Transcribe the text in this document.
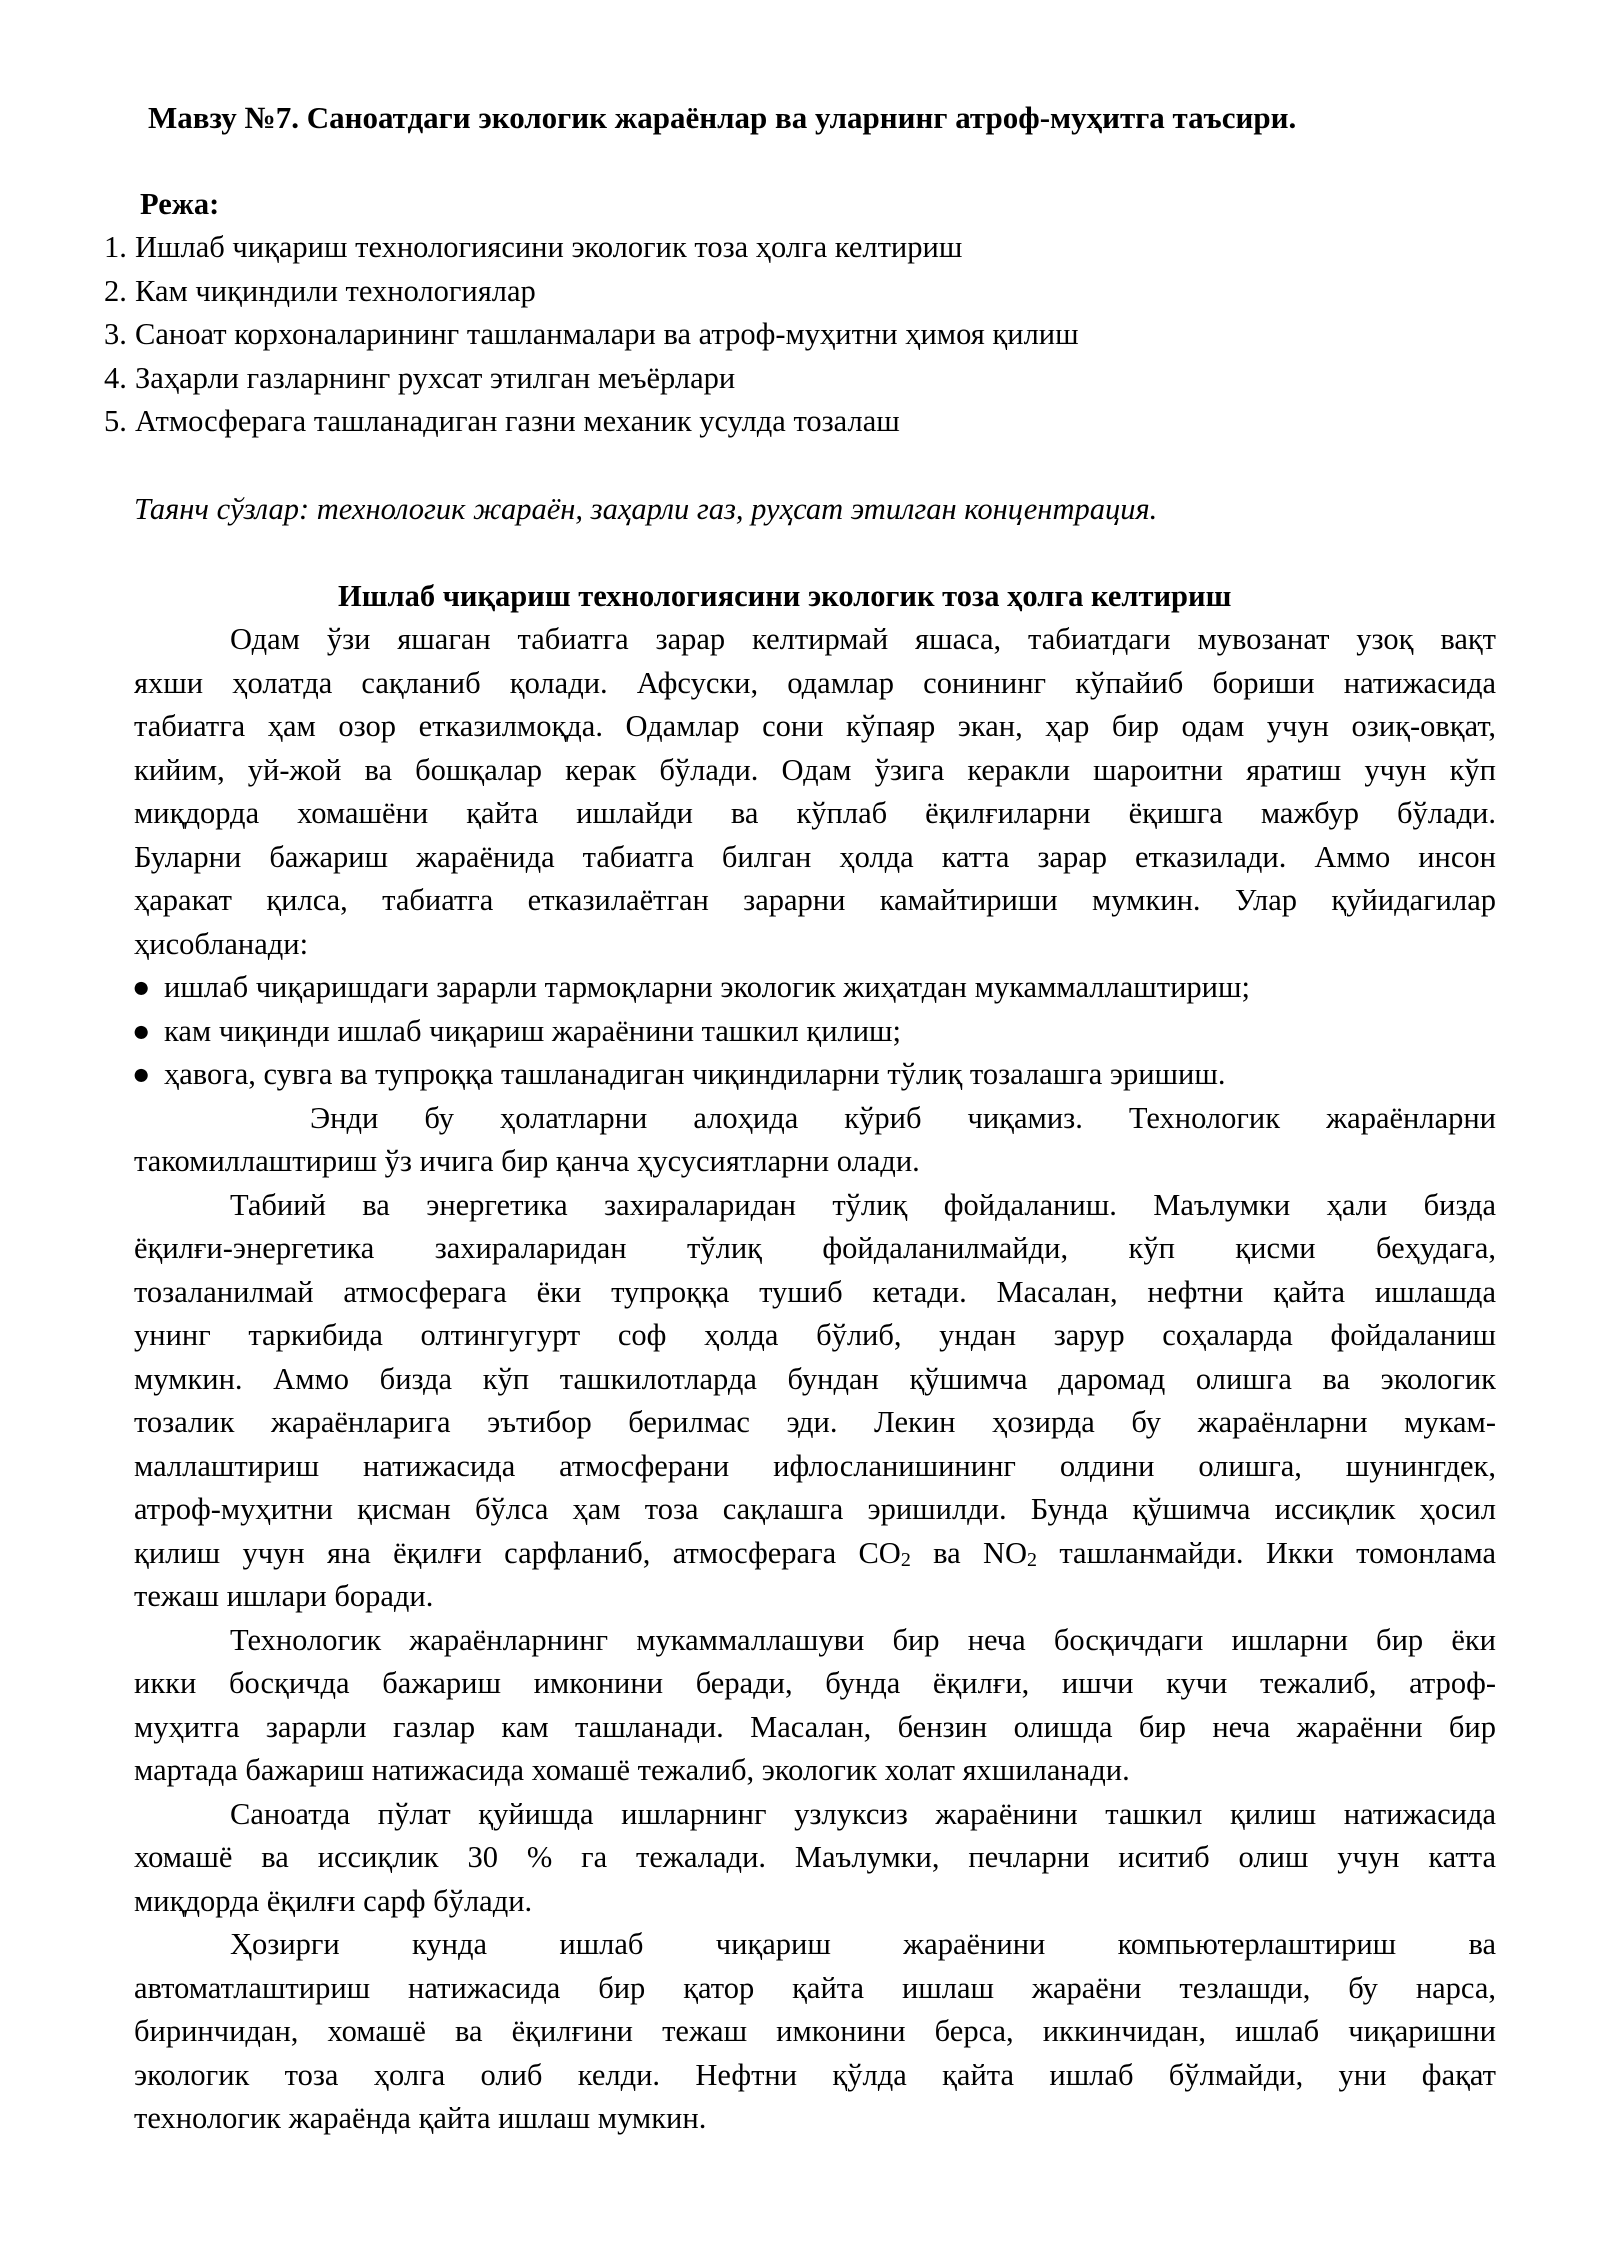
Мавзу №7. Саноатдаги экологик жараёнлар ва уларнинг атроф-муҳитга таъсири.
Режа:
1. Ишлаб чиқариш технологиясини экологик тоза ҳолга келтириш
2. Кам чиқиндили технологиялар
3. Саноат корхоналарининг ташланмалари ва атроф-муҳитни ҳимоя қилиш
4. Заҳарли газларнинг рухсат этилган меъёрлари
5. Атмосферага ташланадиган газни механик усулда тозалаш
Таянч сўзлар: технологик жараён, заҳарли газ, руҳсат этилган концентрация.
Ишлаб чиқариш технологиясини экологик тоза ҳолга келтириш
Одам ўзи яшаган табиатга зарар келтирмай яшаса, табиатдаги мувозанат узоқ вақт
яхши ҳолатда сақланиб қолади. Афсуски, одамлар сонининг кўпайиб бориши натижасида
табиатга ҳам озор етказилмоқда. Одамлар сони кўпаяр экан, ҳар бир одам учун озиқ-овқат,
кийим, уй-жой ва бошқалар керак бўлади. Одам ўзига керакли шароитни яратиш учун кўп
миқдорда хомашёни қайта ишлайди ва кўплаб ёқилғиларни ёқишга мажбур бўлади.
Буларни бажариш жараёнида табиатга билган ҳолда катта зарар етказилади. Аммо инсон
ҳаракат қилса, табиатга етказилаётган зарарни камайтириши мумкин. Улар қуйидагилар
ҳисобланади:
● ишлаб чиқаришдаги зарарли тармоқларни экологик жиҳатдан мукаммаллаштириш;
● кам чиқинди ишлаб чиқариш жараёнини ташкил қилиш;
● ҳавога, сувга ва тупроққа ташланадиган чиқиндиларни тўлиқ тозалашга эришиш.
Энди бу ҳолатларни алоҳида кўриб чиқамиз. Технологик жараёнларни
такомиллаштириш ўз ичига бир қанча ҳусусиятларни олади.
Табиий ва энергетика захираларидан тўлиқ фойдаланиш. Маълумки ҳали бизда
ёқилғи-энергетика захираларидан тўлиқ фойдаланилмайди, кўп қисми беҳудага,
тозаланилмай атмосферага ёки тупроққа тушиб кетади. Масалан, нефтни қайта ишлашда
унинг таркибида олтингугурт соф ҳолда бўлиб, ундан зарур соҳаларда фойдаланиш
мумкин. Аммо бизда кўп ташкилотларда бундан қўшимча даромад олишга ва экологик
тозалик жараёнларига эътибор берилмас эди. Лекин ҳозирда бу жараёнларни мукам-
маллаштириш натижасида атмосферани ифлосланишининг олдини олишга, шунингдек,
атроф-муҳитни қисман бўлса ҳам тоза сақлашга эришилди. Бунда қўшимча иссиқлик ҳосил
қилиш учун яна ёқилғи сарфланиб, атмосферага $CO_2$ ва $NO_2$ ташланмайди. Икки томонлама
тежаш ишлари боради.
Технологик жараёнларнинг мукаммаллашуви бир неча босқичдаги ишларни бир ёки
икки босқичда бажариш имконини беради, бунда ёқилғи, ишчи кучи тежалиб, атроф-
муҳитга зарарли газлар кам ташланади. Масалан, бензин олишда бир неча жараённи бир
мартада бажариш натижасида хомашё тежалиб, экологик холат яхшиланади.
Саноатда пўлат қуйишда ишларнинг узлуксиз жараёнини ташкил қилиш натижасида
хомашё ва иссиқлик 30 % га тежалади. Маълумки, печларни иситиб олиш учун катта
миқдорда ёқилғи сарф бўлади.
Ҳозирги кунда ишлаб чиқариш жараёнини компьютерлаштириш ва
автоматлаштириш натижасида бир қатор қайта ишлаш жараёни тезлашди, бу нарса,
биринчидан, хомашё ва ёқилғини тежаш имконини берса, иккинчидан, ишлаб чиқаришни
экологик тоза ҳолга олиб келди. Нефтни қўлда қайта ишлаб бўлмайди, уни фақат
технологик жараёнда қайта ишлаш мумкин.
